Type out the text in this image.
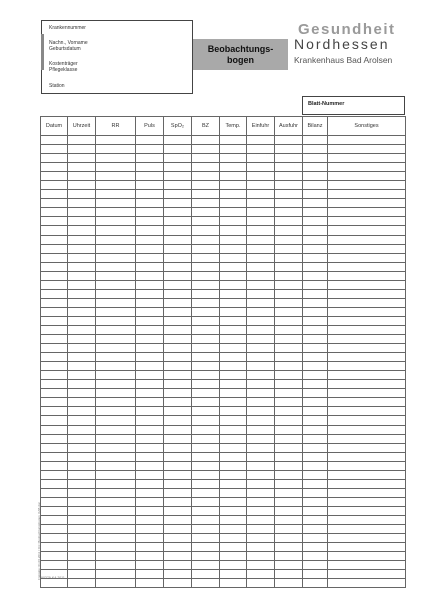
Krankennummer
Nachn., Vorname
Geburtsdatum
Kostenträger
Pflegeklasse
Station
Beobachtungs-
bogen
Gesundheit
Nordhessen
Krankenhaus Bad Arolsen
Blatt-Nummer
Datum	Uhrzeit	RR	Puls	SpO₂	BZ	Temp.	Einfuhr	Ausfuhr	Bilanz	Sonstiges

Freigabe: 01.06.2011 | Q3 | Beobachtungsbogen_KAB.doc 90379-KA 2011
